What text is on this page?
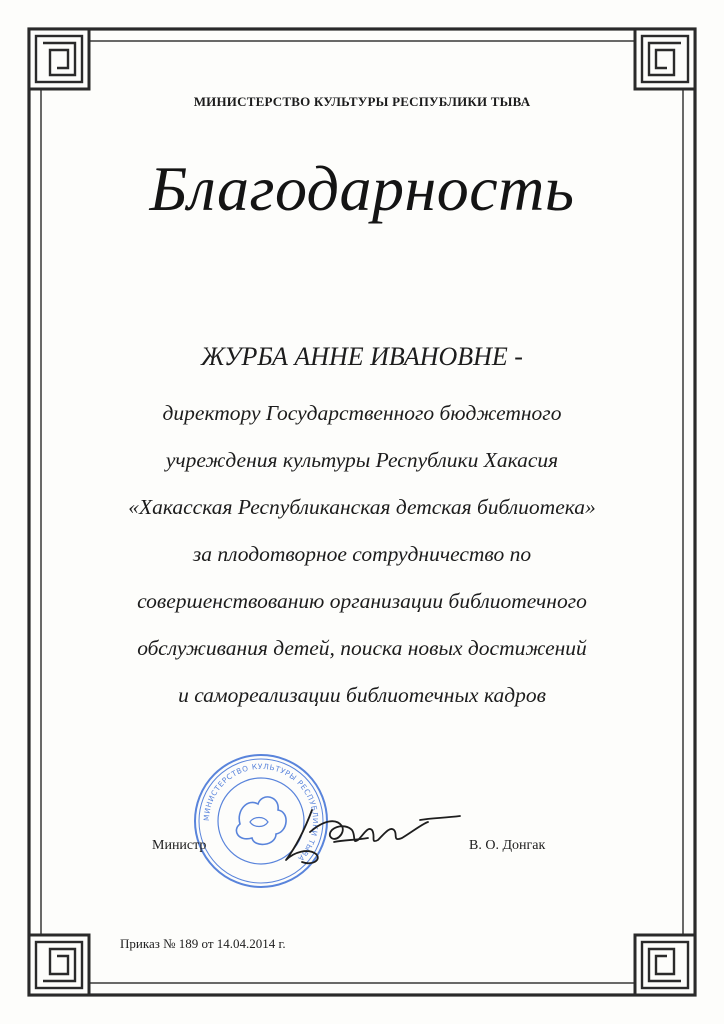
МИНИСТЕРСТВО КУЛЬТУРЫ РЕСПУБЛИКИ ТЫВА
Благодарность
ЖУРБА АННЕ ИВАНОВНЕ -
директору Государственного бюджетного
учреждения культуры Республики Хакасия
«Хакасская Республиканская детская библиотека»
за плодотворное сотрудничество по
совершенствованию организации библиотечного
обслуживания детей, поиска новых достижений
и самореализации библиотечных кадров
МИНИСТЕРСТВО КУЛЬТУРЫ РЕСПУБЛИКИ ТЫВА
Министр	В. О. Донгак
Приказ № 189 от 14.04.2014 г.
